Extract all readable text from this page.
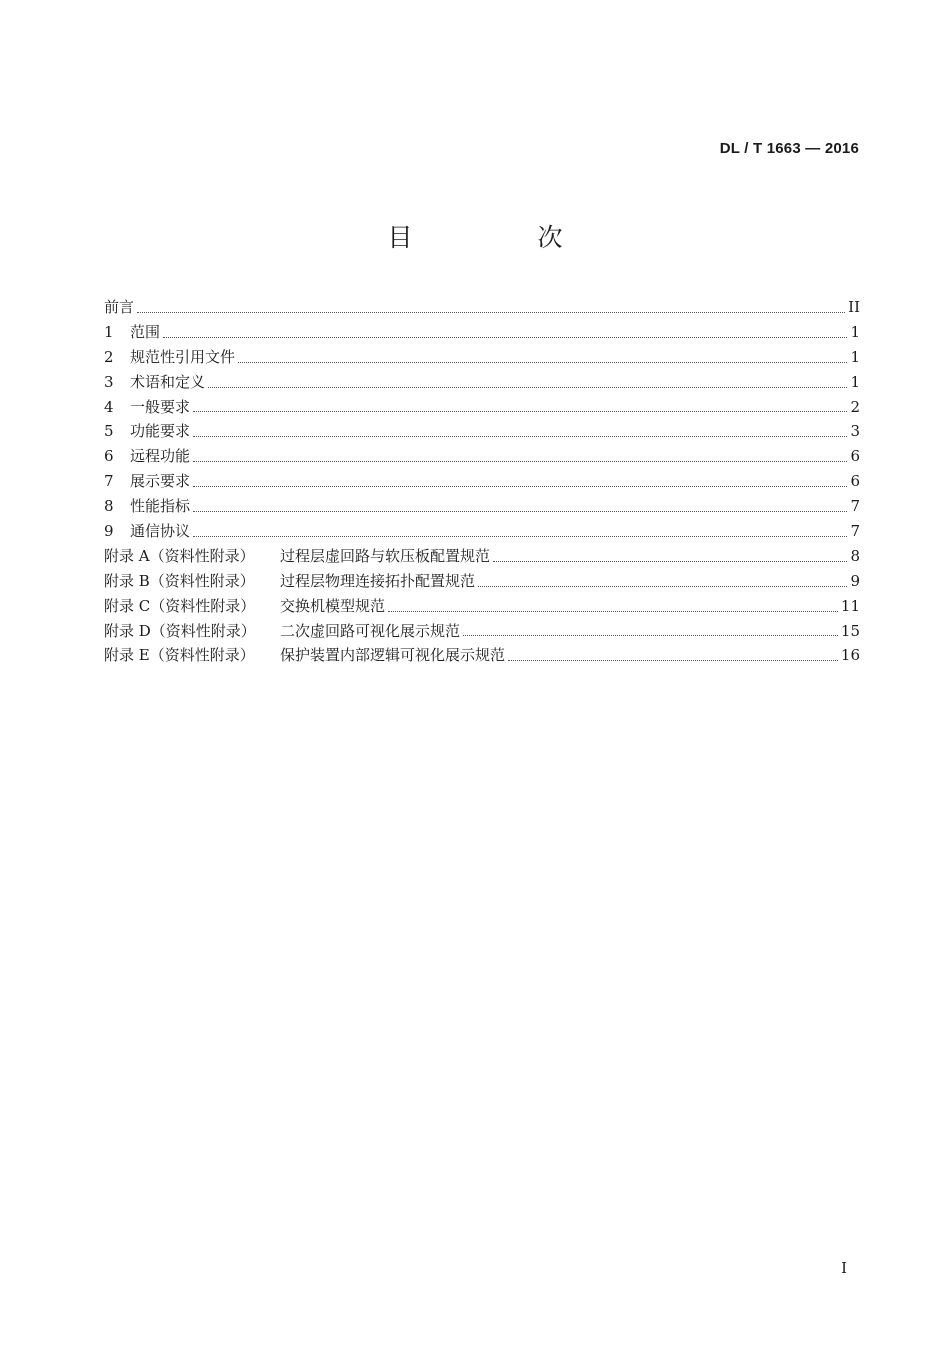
DL / T 1663 — 2016
目　次
前言	II
1	范围	1
2	规范性引用文件	1
3	术语和定义	1
4	一般要求	2
5	功能要求	3
6	远程功能	6
7	展示要求	6
8	性能指标	7
9	通信协议	7
附录 A（资料性附录）	过程层虚回路与软压板配置规范	8
附录 B（资料性附录）	过程层物理连接拓扑配置规范	9
附录 C（资料性附录）	交换机模型规范	11
附录 D（资料性附录）	二次虚回路可视化展示规范	15
附录 E（资料性附录）	保护装置内部逻辑可视化展示规范	16
I
